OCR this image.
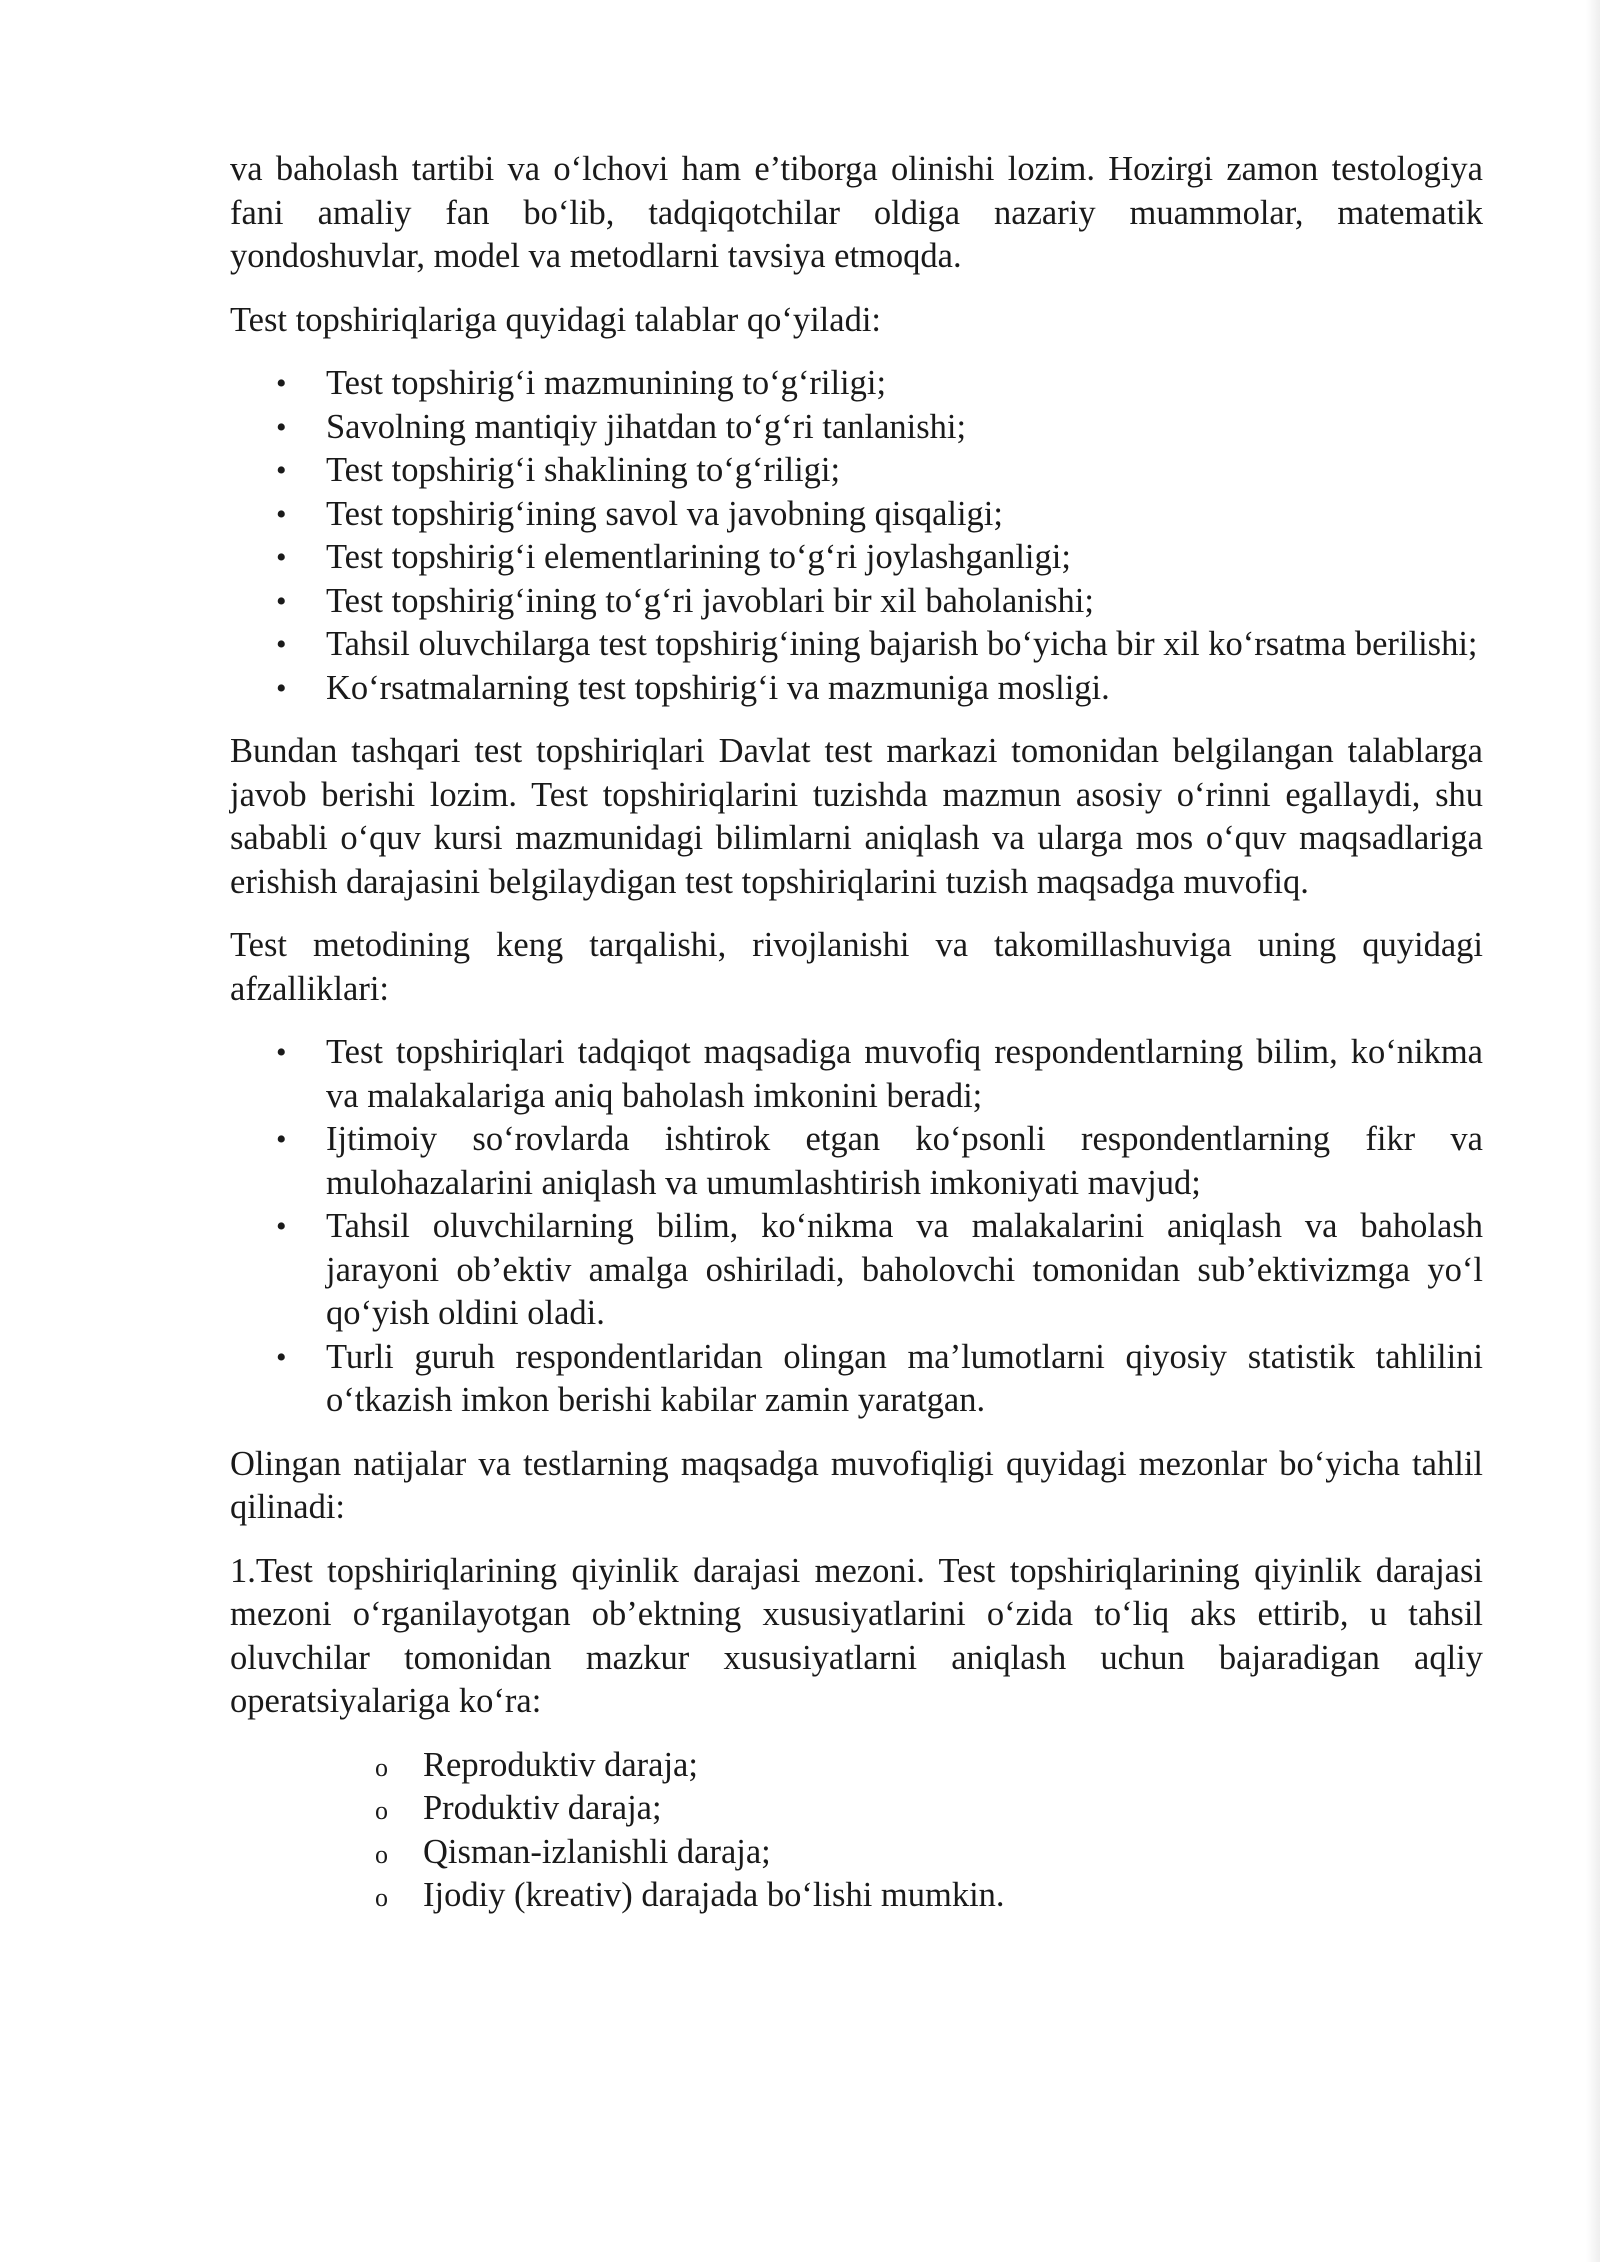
va baholash tartibi va o‘lchovi ham e’tiborga olinishi lozim. Hozirgi zamon testologiya fani amaliy fan bo‘lib, tadqiqotchilar oldiga nazariy muammolar, matematik yondoshuvlar, model va metodlarni tavsiya etmoqda.

Test topshiriqlariga quyidagi talablar qo‘yiladi:

• Test topshirig‘i mazmunining to‘g‘riligi;
• Savolning mantiqiy jihatdan to‘g‘ri tanlanishi;
• Test topshirig‘i shaklining to‘g‘riligi;
• Test topshirig‘ining savol va javobning qisqaligi;
• Test topshirig‘i elementlarining to‘g‘ri joylashganligi;
• Test topshirig‘ining to‘g‘ri javoblari bir xil baholanishi;
• Tahsil oluvchilarga test topshirig‘ining bajarish bo‘yicha bir xil ko‘rsatma berilishi;
• Ko‘rsatmalarning test topshirig‘i va mazmuniga mosligi.

Bundan tashqari test topshiriqlari Davlat test markazi tomonidan belgilangan talablarga javob berishi lozim. Test topshiriqlarini tuzishda mazmun asosiy o‘rinni egallaydi, shu sababli o‘quv kursi mazmunidagi bilimlarni aniqlash va ularga mos o‘quv maqsadlariga erishish darajasini belgilaydigan test topshiriqlarini tuzish maqsadga muvofiq.

Test metodining keng tarqalishi, rivojlanishi va takomillashuviga uning quyidagi afzalliklari:

• Test topshiriqlari tadqiqot maqsadiga muvofiq respondentlarning bilim, ko‘nikma va malakalariga aniq baholash imkonini beradi;
• Ijtimoiy so‘rovlarda ishtirok etgan ko‘psonli respondentlarning fikr va mulohazalarini aniqlash va umumlashtirish imkoniyati mavjud;
• Tahsil oluvchilarning bilim, ko‘nikma va malakalarini aniqlash va baholash jarayoni ob’ektiv amalga oshiriladi, baholovchi tomonidan sub’ektivizmga yo‘l qo‘yish oldini oladi.
• Turli guruh respondentlaridan olingan ma’lumotlarni qiyosiy statistik tahlilini o‘tkazish imkon berishi kabilar zamin yaratgan.

Olingan natijalar va testlarning maqsadga muvofiqligi quyidagi mezonlar bo‘yicha tahlil qilinadi:

1.Test topshiriqlarining qiyinlik darajasi mezoni. Test topshiriqlarining qiyinlik darajasi mezoni o‘rganilayotgan ob’ektning xususiyatlarini o‘zida to‘liq aks ettirib, u tahsil oluvchilar tomonidan mazkur xususiyatlarni aniqlash uchun bajaradigan aqliy operatsiyalariga ko‘ra:

o Reproduktiv daraja;
o Produktiv daraja;
o Qisman-izlanishli daraja;
o Ijodiy (kreativ) darajada bo‘lishi mumkin.
